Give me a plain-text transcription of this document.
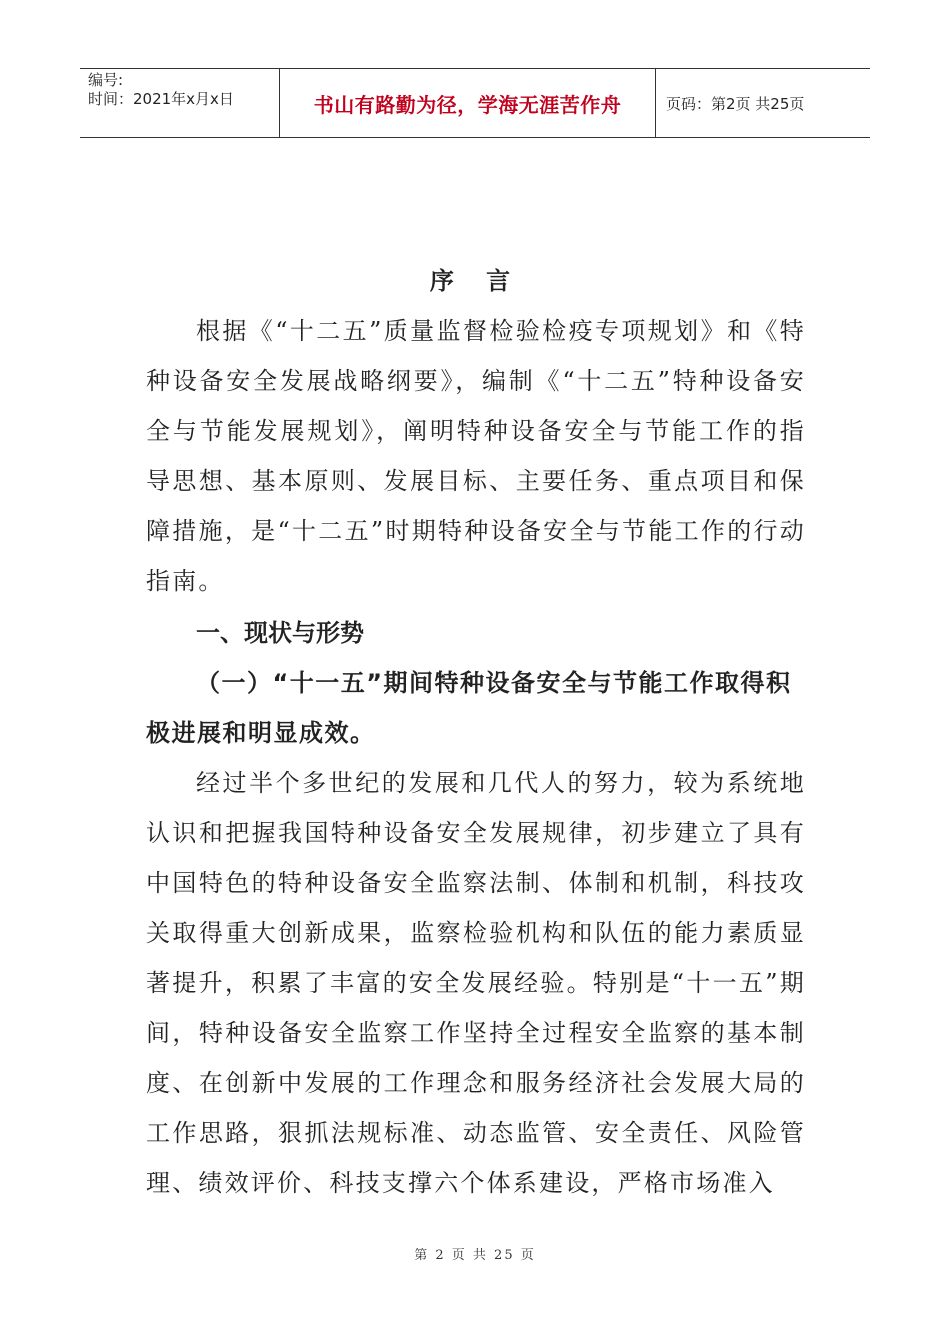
编号:
时间：2021年x月x日	书山有路勤为径，学海无涯苦作舟	页码：第2页 共25页
序 言

根据《“十二五”质量监督检验检疫专项规划》和《特种设备安全发展战略纲要》，编制《“十二五”特种设备安全与节能发展规划》，阐明特种设备安全与节能工作的指导思想、基本原则、发展目标、主要任务、重点项目和保障措施，是“十二五”时期特种设备安全与节能工作的行动指南。

一、现状与形势

（一）“十一五”期间特种设备安全与节能工作取得积极进展和明显成效。

经过半个多世纪的发展和几代人的努力，较为系统地认识和把握我国特种设备安全发展规律，初步建立了具有中国特色的特种设备安全监察法制、体制和机制，科技攻关取得重大创新成果，监察检验机构和队伍的能力素质显著提升，积累了丰富的安全发展经验。特别是“十一五”期间，特种设备安全监察工作坚持全过程安全监察的基本制度、在创新中发展的工作理念和服务经济社会发展大局的工作思路，狠抓法规标准、动态监管、安全责任、风险管理、绩效评价、科技支撑六个体系建设，严格市场准入

第 2 页 共 25 页
